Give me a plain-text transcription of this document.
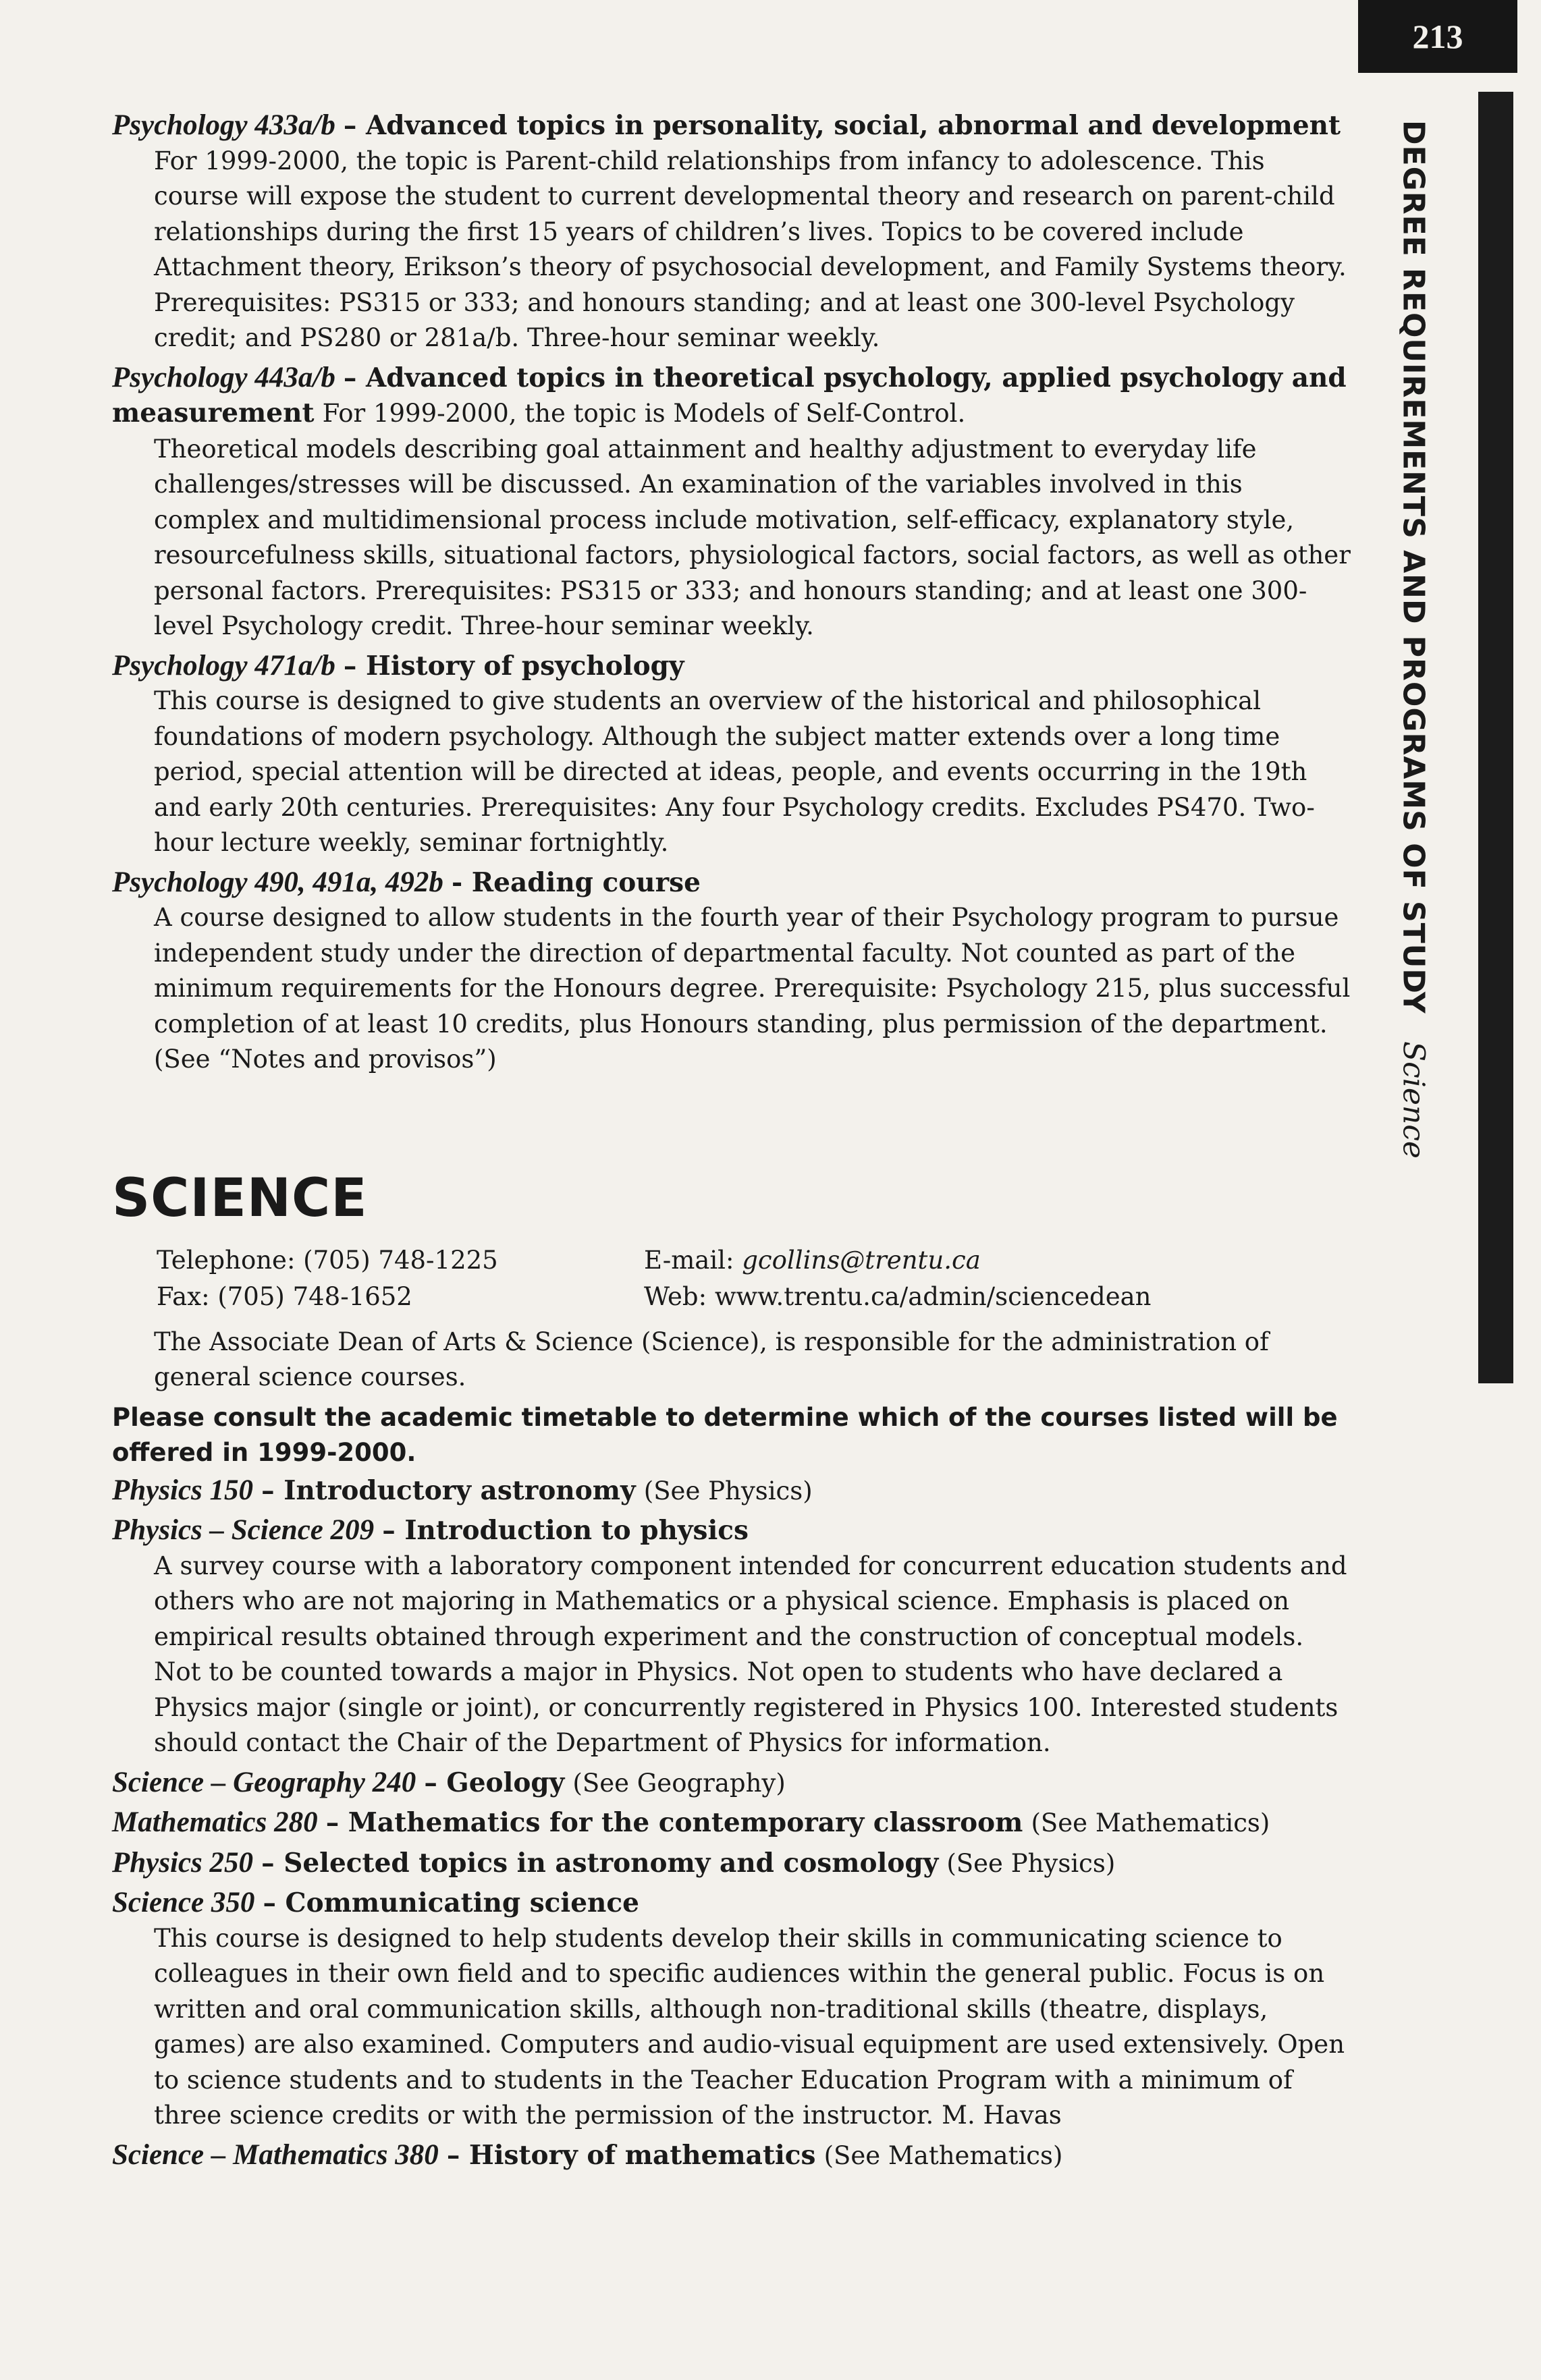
213
DEGREE REQUIREMENTS AND PROGRAMS OF STUDY
Science

Psychology 433a/b – Advanced topics in personality, social, abnormal and development

For 1999-2000, the topic is Parent-child relationships from infancy to adolescence. This course will expose the student to current developmental theory and research on parent-child relationships during the first 15 years of children’s lives. Topics to be covered include Attachment theory, Erikson’s theory of psychosocial development, and Family Systems theory. Prerequisites: PS315 or 333; and honours standing; and at least one 300-level Psychology credit; and PS280 or 281a/b. Three-hour seminar weekly.

Psychology 443a/b – Advanced topics in theoretical psychology, applied psychology and measurement For 1999-2000, the topic is Models of Self-Control.

Theoretical models describing goal attainment and healthy adjustment to everyday life challenges/stresses will be discussed. An examination of the variables involved in this complex and multidimensional process include motivation, self-efficacy, explanatory style, resourcefulness skills, situational factors, physiological factors, social factors, as well as other personal factors. Prerequisites: PS315 or 333; and honours standing; and at least one 300-level Psychology credit. Three-hour seminar weekly.

Psychology 471a/b – History of psychology

This course is designed to give students an overview of the historical and philosophical foundations of modern psychology. Although the subject matter extends over a long time period, special attention will be directed at ideas, people, and events occurring in the 19th and early 20th centuries. Prerequisites: Any four Psychology credits. Excludes PS470. Two-hour lecture weekly, seminar fortnightly.

Psychology 490, 491a, 492b - Reading course

A course designed to allow students in the fourth year of their Psychology program to pursue independent study under the direction of departmental faculty. Not counted as part of the minimum requirements for the Honours degree. Prerequisite: Psychology 215, plus successful completion of at least 10 credits, plus Honours standing, plus permission of the department. (See “Notes and provisos”)

SCIENCE
Telephone: (705) 748-1225	E-mail: gcollins@trentu.ca
Fax: (705) 748-1652	Web: www.trentu.ca/admin/sciencedean

The Associate Dean of Arts & Science (Science), is responsible for the administration of general science courses.

Please consult the academic timetable to determine which of the courses listed will be offered in 1999-2000.

Physics 150 – Introductory astronomy (See Physics)

Physics – Science 209 – Introduction to physics

A survey course with a laboratory component intended for concurrent education students and others who are not majoring in Mathematics or a physical science. Emphasis is placed on empirical results obtained through experiment and the construction of conceptual models. Not to be counted towards a major in Physics. Not open to students who have declared a Physics major (single or joint), or concurrently registered in Physics 100. Interested students should contact the Chair of the Department of Physics for information.

Science – Geography 240 – Geology (See Geography)

Mathematics 280 – Mathematics for the contemporary classroom (See Mathematics)

Physics 250 – Selected topics in astronomy and cosmology (See Physics)

Science 350 – Communicating science

This course is designed to help students develop their skills in communicating science to colleagues in their own field and to specific audiences within the general public. Focus is on written and oral communication skills, although non-traditional skills (theatre, displays, games) are also examined. Computers and audio-visual equipment are used extensively. Open to science students and to students in the Teacher Education Program with a minimum of three science credits or with the permission of the instructor. M. Havas

Science – Mathematics 380 – History of mathematics (See Mathematics)
